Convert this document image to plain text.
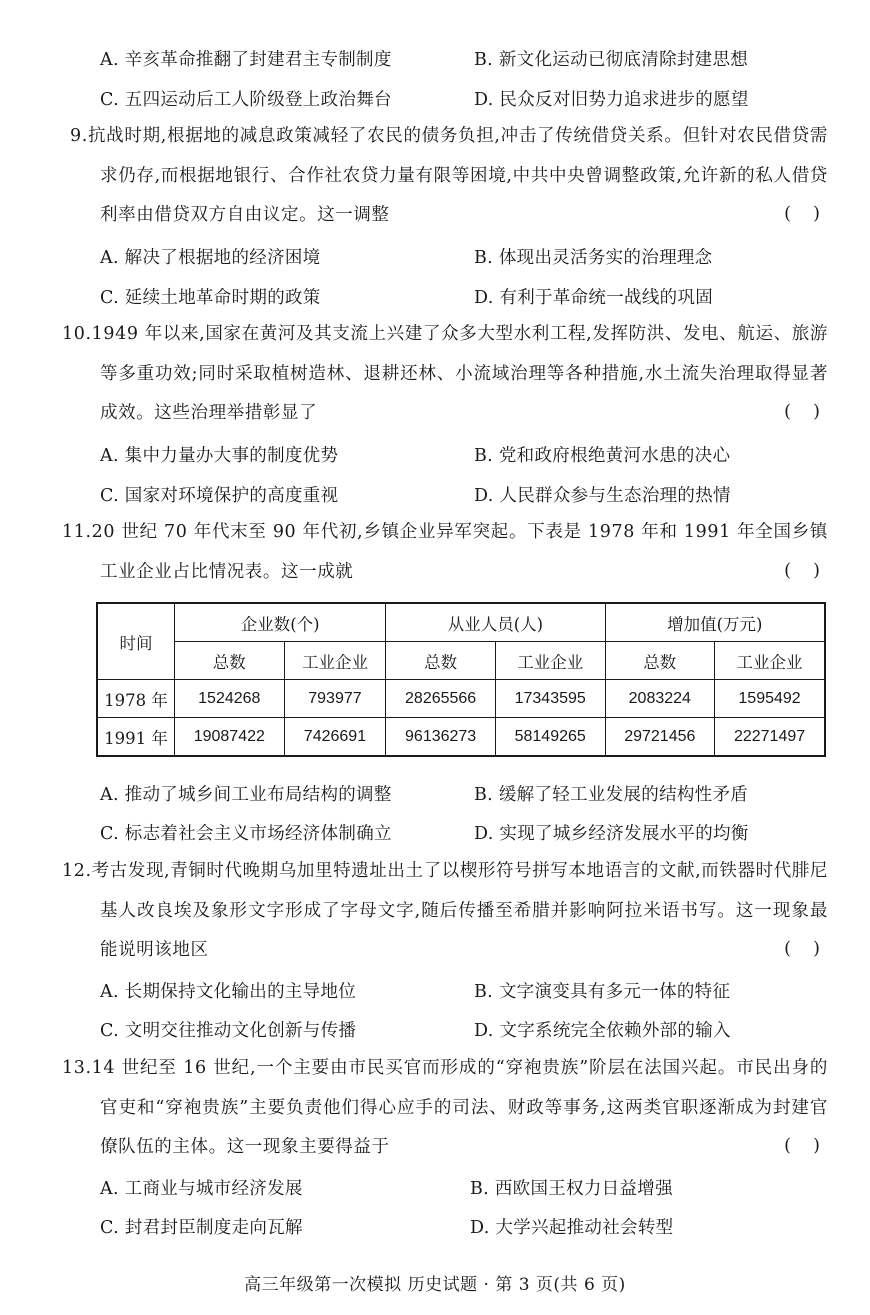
A. 辛亥革命推翻了封建君主专制制度	B. 新文化运动已彻底清除封建思想
C. 五四运动后工人阶级登上政治舞台	D. 民众反对旧势力追求进步的愿望
9.抗战时期,根据地的减息政策减轻了农民的债务负担,冲击了传统借贷关系。但针对农民借贷需求仍存,而根据地银行、合作社农贷力量有限等困境,中共中央曾调整政策,允许新的私人借贷利率由借贷双方自由议定。这一调整	(    )
A. 解决了根据地的经济困境	B. 体现出灵活务实的治理理念
C. 延续土地革命时期的政策	D. 有利于革命统一战线的巩固
10.1949 年以来,国家在黄河及其支流上兴建了众多大型水利工程,发挥防洪、发电、航运、旅游等多重功效;同时采取植树造林、退耕还林、小流域治理等各种措施,水土流失治理取得显著成效。这些治理举措彰显了	(    )
A. 集中力量办大事的制度优势	B. 党和政府根绝黄河水患的决心
C. 国家对环境保护的高度重视	D. 人民群众参与生态治理的热情
11.20 世纪 70 年代末至 90 年代初,乡镇企业异军突起。下表是 1978 年和 1991 年全国乡镇工业企业占比情况表。这一成就	(    )
时间	企业数(个)		从业人员(人)		增加值(万元)	
	总数	工业企业	总数	工业企业	总数	工业企业
1978 年	1524268	793977	28265566	17343595	2083224	1595492
1991 年	19087422	7426691	96136273	58149265	29721456	22271497
A. 推动了城乡间工业布局结构的调整	B. 缓解了轻工业发展的结构性矛盾
C. 标志着社会主义市场经济体制确立	D. 实现了城乡经济发展水平的均衡
12.考古发现,青铜时代晚期乌加里特遗址出土了以楔形符号拼写本地语言的文献,而铁器时代腓尼基人改良埃及象形文字形成了字母文字,随后传播至希腊并影响阿拉米语书写。这一现象最能说明该地区	(    )
A. 长期保持文化输出的主导地位	B. 文字演变具有多元一体的特征
C. 文明交往推动文化创新与传播	D. 文字系统完全依赖外部的输入
13.14 世纪至 16 世纪,一个主要由市民买官而形成的“穿袍贵族”阶层在法国兴起。市民出身的官吏和“穿袍贵族”主要负责他们得心应手的司法、财政等事务,这两类官职逐渐成为封建官僚队伍的主体。这一现象主要得益于	(    )
A. 工商业与城市经济发展	B. 西欧国王权力日益增强
C. 封君封臣制度走向瓦解	D. 大学兴起推动社会转型
高三年级第一次模拟 历史试题 · 第 3 页(共 6 页)
